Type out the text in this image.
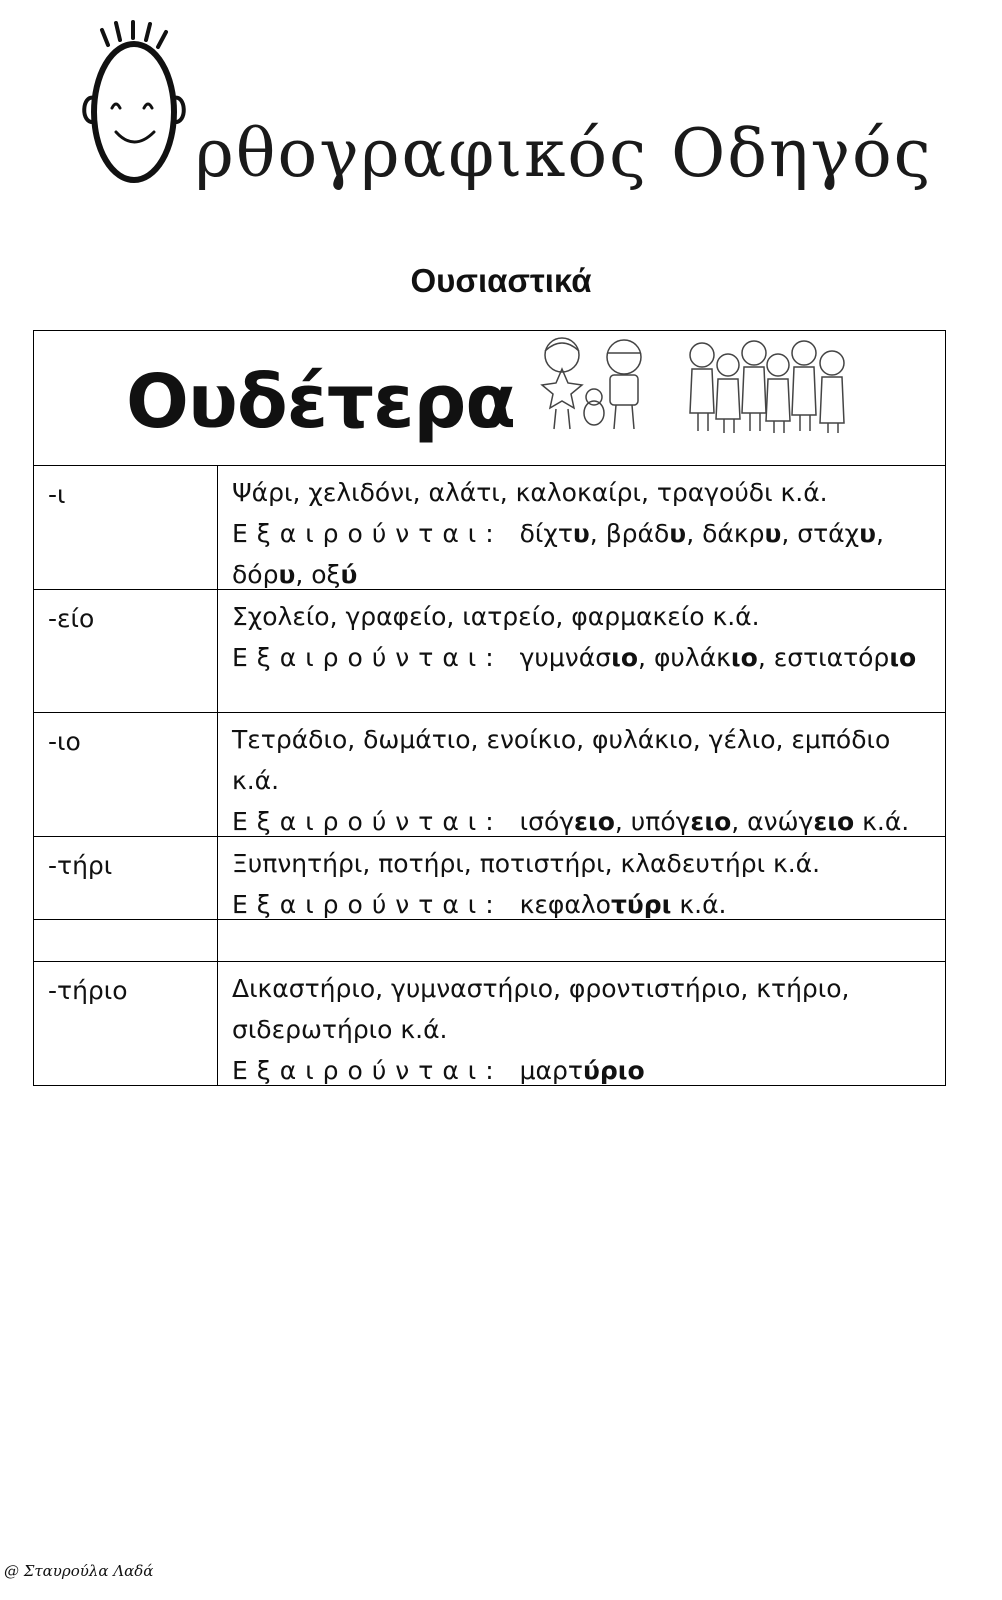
ρθογραφικός Οδηγός
Ουσιαστικά
Ουδέτερα
-ι	Ψάρι, χελιδόνι, αλάτι, καλοκαίρι, τραγούδι κ.ά.
Εξαιρούνται: δίχτυ, βράδυ, δάκρυ, στάχυ, δόρυ, οξύ
-είο	Σχολείο, γραφείο, ιατρείο, φαρμακείο κ.ά.
Εξαιρούνται: γυμνάσιο, φυλάκιο, εστιατόριο
-ιο	Τετράδιο, δωμάτιο, ενοίκιο, φυλάκιο, γέλιο, εμπόδιο κ.ά.
Εξαιρούνται: ισόγειο, υπόγειο, ανώγειο κ.ά.
-τήρι	Ξυπνητήρι, ποτήρι, ποτιστήρι, κλαδευτήρι κ.ά.
Εξαιρούνται: κεφαλοτύρι κ.ά.
-τήριο	Δικαστήριο, γυμναστήριο, φροντιστήριο, κτήριο, σιδερωτήριο κ.ά.
Εξαιρούνται: μαρτύριο
@ Σταυρούλα Λαδά
